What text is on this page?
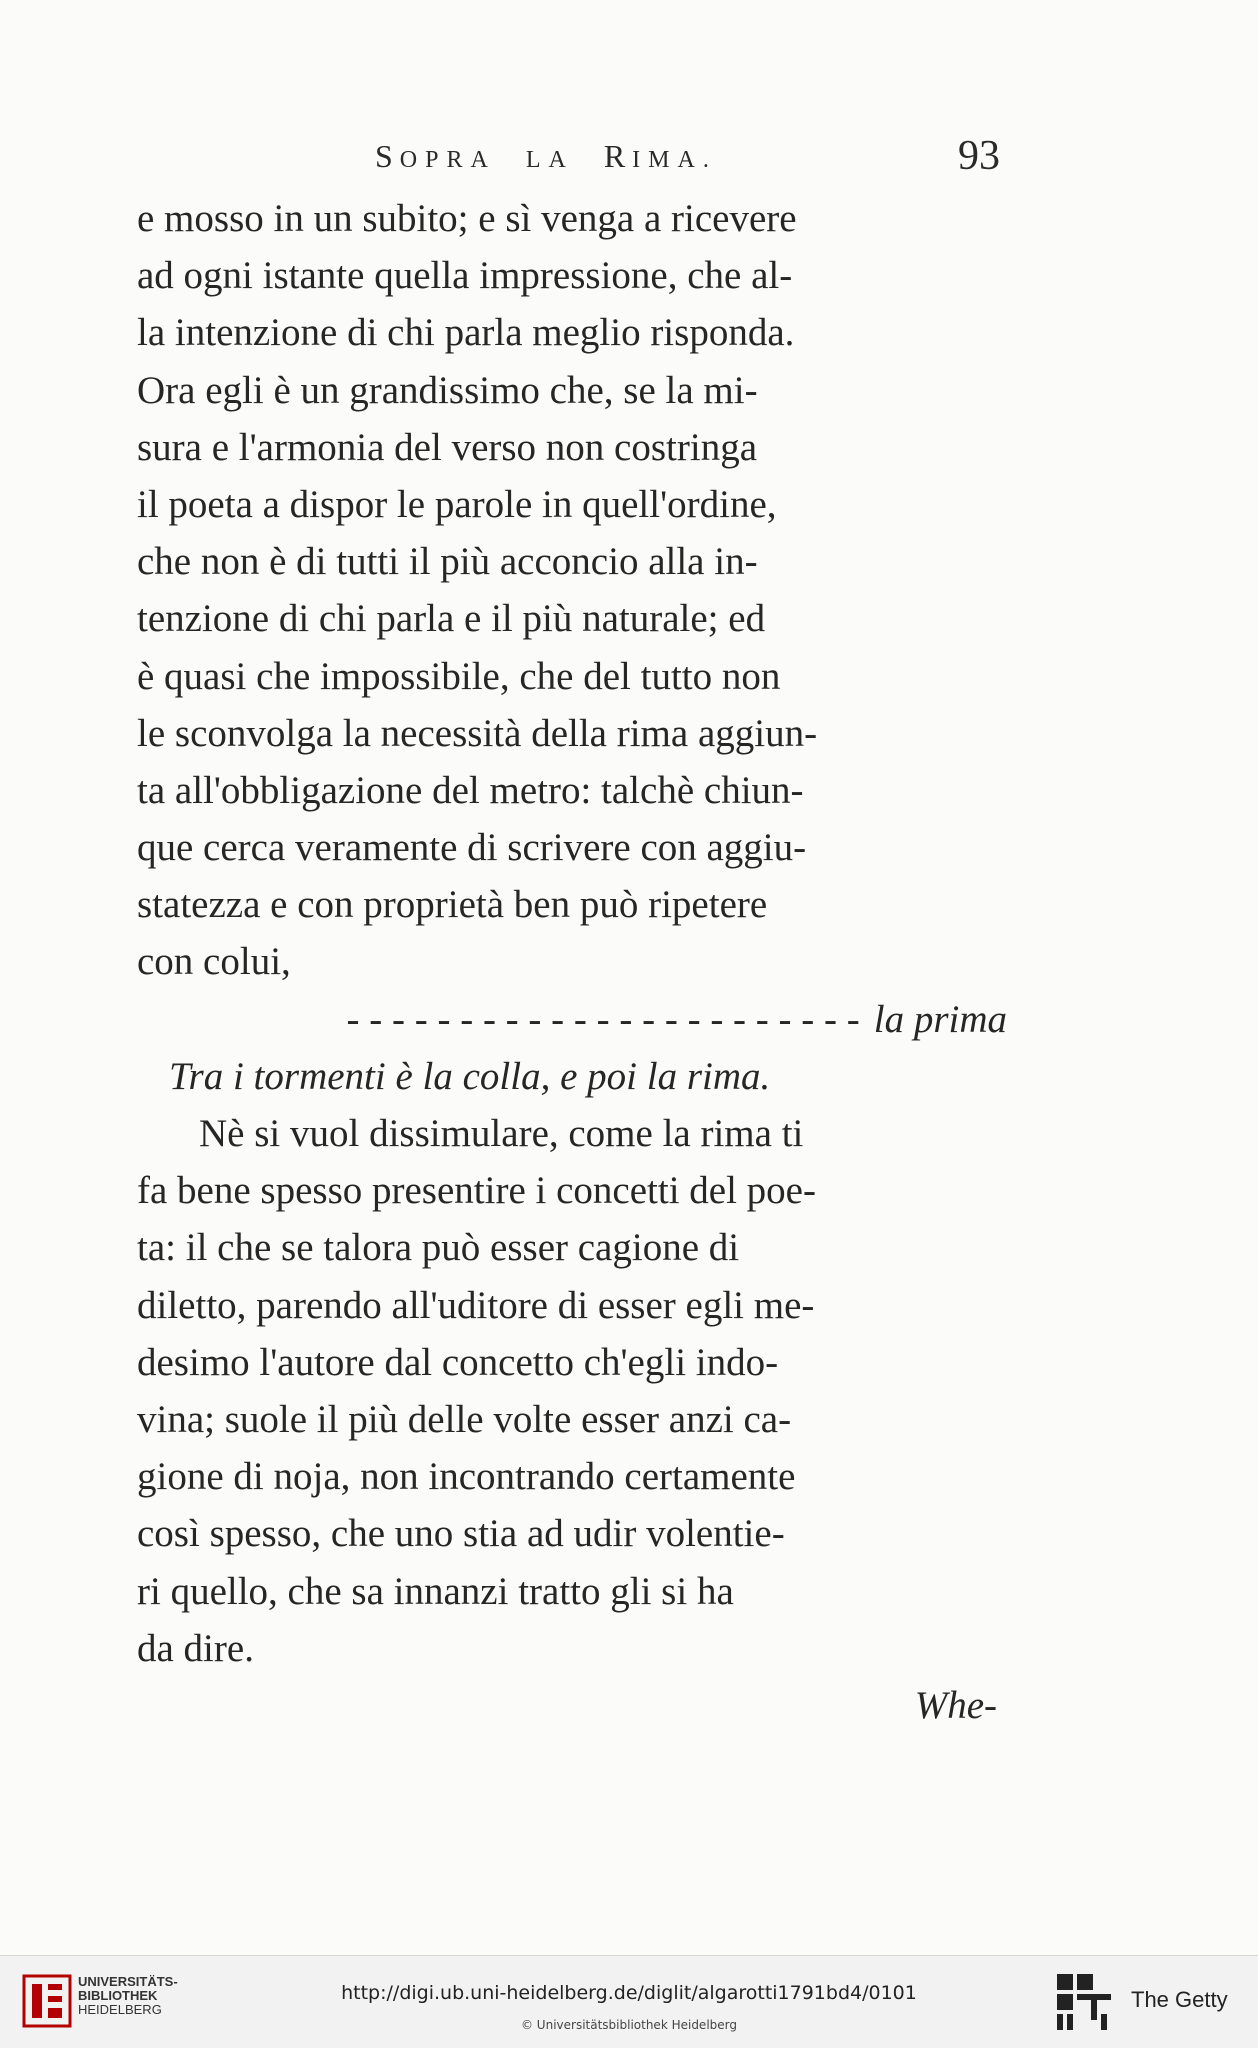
SOPRA LA RIMA.	93
e mosso in un subito; e sì venga a ricevere
ad ogni istante quella impressione, che al-
la intenzione di chi parla meglio risponda.
Ora egli è un grandissimo che, se la mi-
sura e l'armonia del verso non costringa
il poeta a dispor le parole in quell'ordine,
che non è di tutti il più acconcio alla in-
tenzione di chi parla e il più naturale; ed
è quasi che impossibile, che del tutto non
le sconvolga la necessità della rima aggiun-
ta all'obbligazione del metro: talchè chiun-
que cerca veramente di scrivere con aggiu-
statezza e con proprietà ben può ripetere
con colui,
- - - - - - - - - - - - - - - - - - - - - - - la prima
Tra i tormenti è la colla, e poi la rima.
Nè si vuol dissimulare, come la rima ti
fa bene spesso presentire i concetti del poe-
ta: il che se talora può esser cagione di
diletto, parendo all'uditore di esser egli me-
desimo l'autore dal concetto ch'egli indo-
vina; suole il più delle volte esser anzi ca-
gione di noja, non incontrando certamente
così spesso, che uno stia ad udir volentie-
ri quello, che sa innanzi tratto gli si ha
da dire.
Whe-
UNIVERSITÄTS-
BIBLIOTHEK
HEIDELBERG
http://digi.ub.uni-heidelberg.de/diglit/algarotti1791bd4/0101
© Universitätsbibliothek Heidelberg
The Getty
